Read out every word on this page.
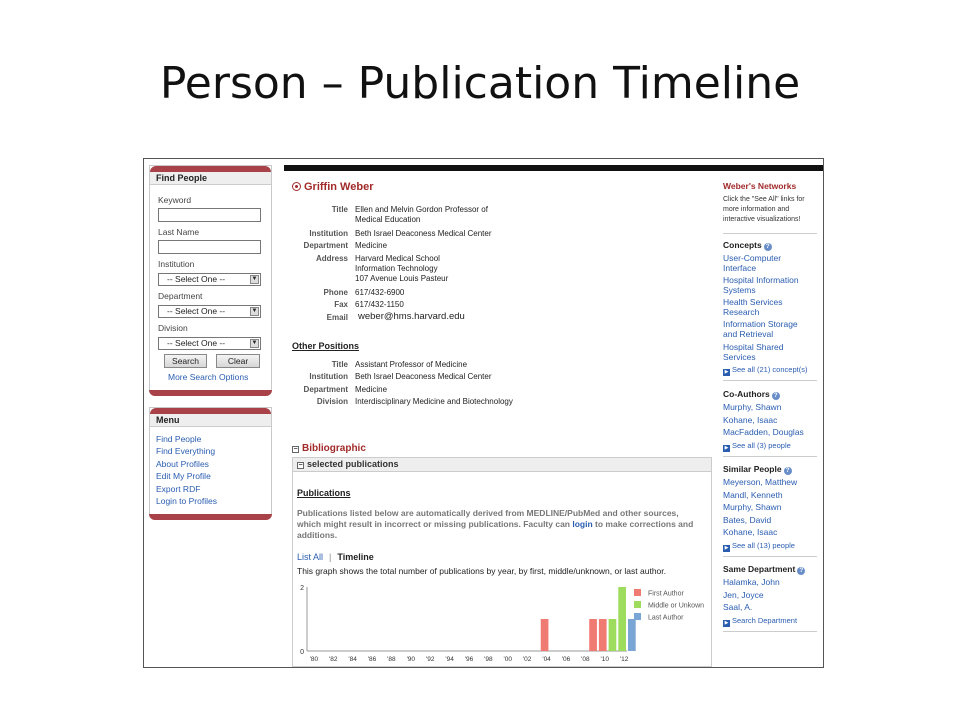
Person – Publication Timeline
Find People
Keyword
Last Name
Institution
-- Select One --	▼
Department
-- Select One --	▼
Division
-- Select One --	▼
Search	Clear
More Search Options
Menu
Find People
Find Everything
About Profiles
Edit My Profile
Export RDF
Login to Profiles
Griffin Weber
Title Ellen and Melvin Gordon Professor of
Medical Education
Institution Beth Israel Deaconess Medical Center
Department Medicine
Address Harvard Medical School
Information Technology
107 Avenue Louis Pasteur
Phone 617/432-6900
Fax 617/432-1150
Email weber@hms.harvard.edu
Other Positions
Title Assistant Professor of Medicine
Institution Beth Israel Deaconess Medical Center
Department Medicine
Division Interdisciplinary Medicine and Biotechnology
− Bibliographic
− selected publications
Publications
Publications listed below are automatically derived from MEDLINE/PubMed and other sources, which might result in incorrect or missing publications. Faculty can login to make corrections and additions.
List All | Timeline
This graph shows the total number of publications by year, by first, middle/unknown, or last author.
0
2
'80 '82 '84 '86 '88 '90 '92 '94 '96 '98 '00 '02 '04 '06 '08 '10 '12
First Author
Middle or Unkown
Last Author
Weber's Networks
Click the "See All" links for more information and interactive visualizations!
Concepts ?
User-Computer
Interface
Hospital Information
Systems
Health Services
Research
Information Storage
and Retrieval
Hospital Shared
Services
▶ See all (21) concept(s)
Co-Authors ?
Murphy, Shawn
Kohane, Isaac
MacFadden, Douglas
▶ See all (3) people
Similar People ?
Meyerson, Matthew
Mandl, Kenneth
Murphy, Shawn
Bates, David
Kohane, Isaac
▶ See all (13) people
Same Department ?
Halamka, John
Jen, Joyce
Saal, A.
▶ Search Department
